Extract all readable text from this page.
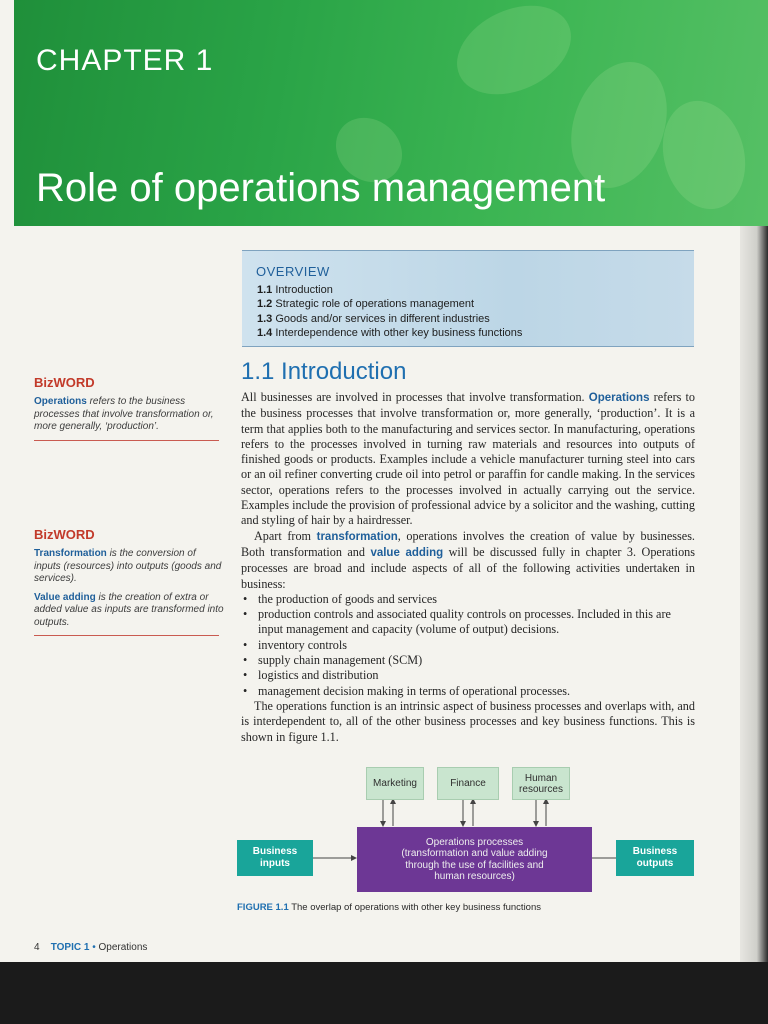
CHAPTER 1
Role of operations management
OVERVIEW
1.1 Introduction
1.2 Strategic role of operations management
1.3 Goods and/or services in different industries
1.4 Interdependence with other key business functions
BizWORD

Operations refers to the business processes that involve transformation or, more generally, ‘production’.

BizWORD

Transformation is the conversion of inputs (resources) into outputs (goods and services).

Value adding is the creation of extra or added value as inputs are transformed into outputs.

1.1 Introduction

All businesses are involved in processes that involve transformation. Operations refers to the business processes that involve transformation or, more generally, ‘production’. It is a term that applies both to the manufacturing and services sector. In manufacturing, operations refers to the processes involved in turning raw materials and resources into outputs of finished goods or products. Examples include a vehicle manufacturer turning steel into cars or an oil refiner converting crude oil into petrol or paraffin for candle making. In the services sector, operations refers to the processes involved in actually carrying out the service. Examples include the provision of professional advice by a solicitor and the washing, cutting and styling of hair by a hairdresser.

Apart from transformation, operations involves the creation of value by businesses. Both transformation and value adding will be discussed fully in chapter 3. Operations processes are broad and include aspects of all of the following activities undertaken in business:

• the production of goods and services
• production controls and associated quality controls on processes. Included in this are input management and capacity (volume of output) decisions.
• inventory controls
• supply chain management (SCM)
• logistics and distribution
• management decision making in terms of operational processes.

The operations function is an intrinsic aspect of business processes and overlaps with, and is interdependent to, all of the other business processes and key business functions. This is shown in figure 1.1.

Marketing	Finance	Human
resources
Business
inputs
Operations processes
(transformation and value adding
through the use of facilities and
human resources)
Business
outputs
FIGURE 1.1 The overlap of operations with other key business functions
4 TOPIC 1 • Operations
